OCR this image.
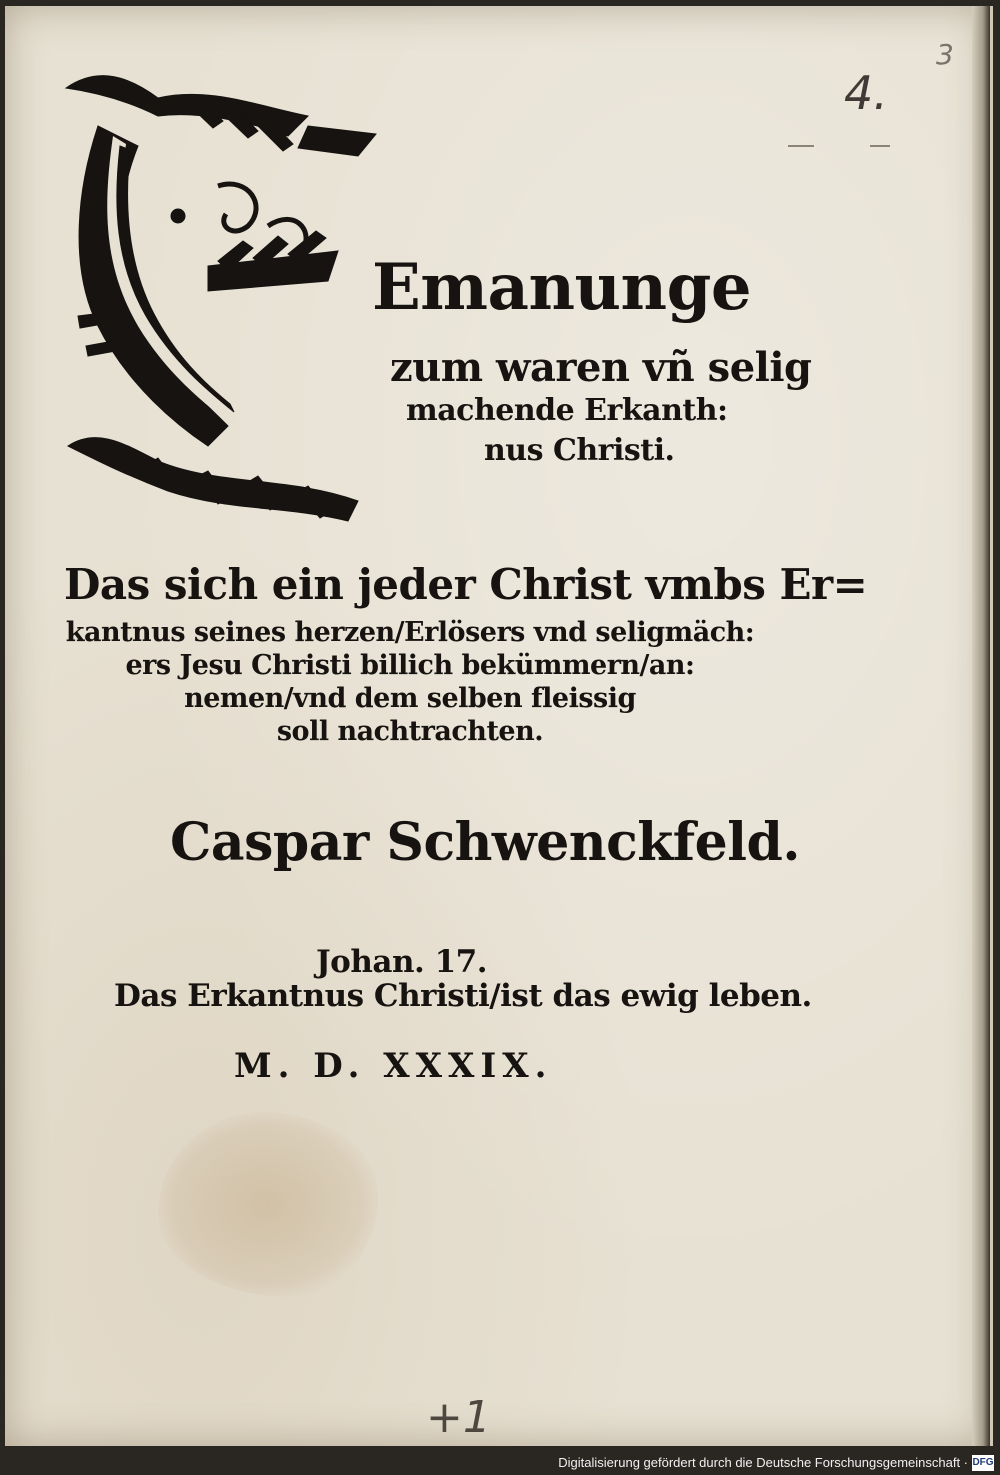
Emanunge
zum waren vñ selig
machende Erkanth:
nus Christi.
Das sich ein jeder Christ vmbs Er=
kantnus seines herzen/Erlösers vnd seligmäch:
ers Jesu Christi billich bekümmern/an:
nemen/vnd dem selben fleissig
soll nachtrachten.
Caspar Schwenckfeld.
Johan. 17.
Das Erkantnus Christi/ist das ewig leben.
M. D. XXXIX.
4.
3
+1
Digitalisierung gefördert durch die Deutsche Forschungsgemeinschaft · DFG
